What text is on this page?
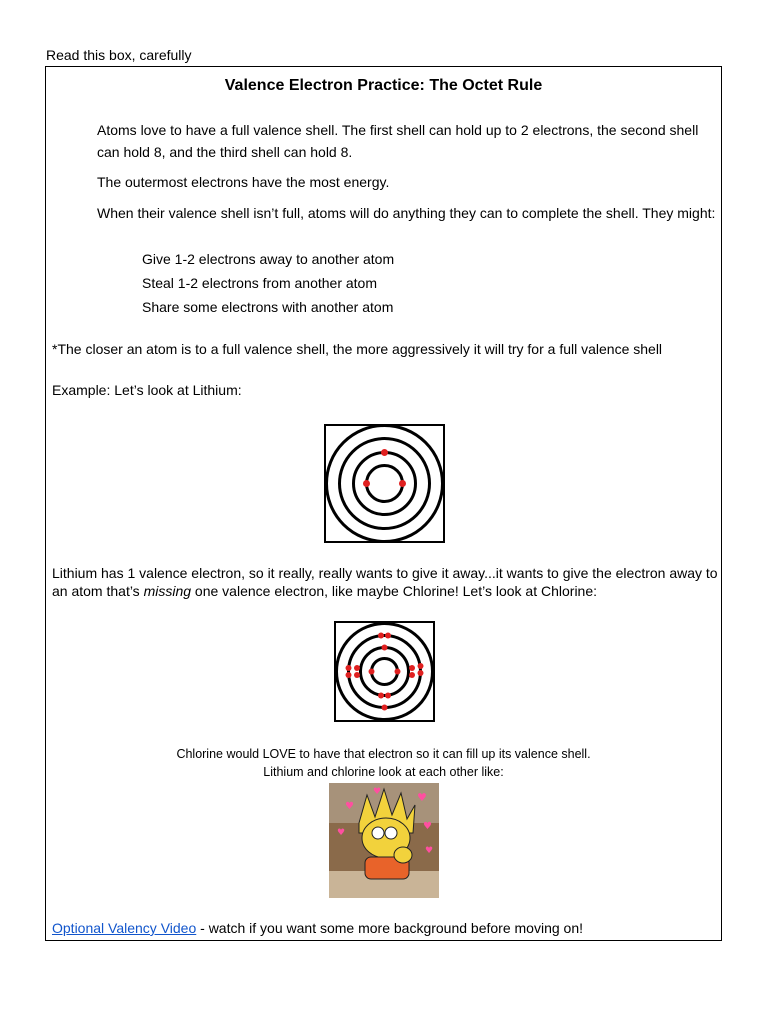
Read this box, carefully
Valence Electron Practice: The Octet Rule
Atoms love to have a full valence shell. The first shell can hold up to 2 electrons, the second shell can hold 8, and the third shell can hold 8.
The outermost electrons have the most energy.
When their valence shell isn’t full, atoms will do anything they can to complete the shell. They might:
Give 1-2 electrons away to another atom
Steal 1-2 electrons from another atom
Share some electrons with another atom
*The closer an atom is to a full valence shell, the more aggressively it will try for a full valence shell
Example: Let’s look at Lithium:
Lithium has 1 valence electron, so it really, really wants to give it away...it wants to give the electron away to an atom that’s missing one valence electron, like maybe Chlorine! Let’s look at Chlorine:
Chlorine would LOVE to have that electron so it can fill up its valence shell.
Lithium and chlorine look at each other like:
♥
♥
♥
♥
♥
♥
Optional Valency Video - watch if you want some more background before moving on!
